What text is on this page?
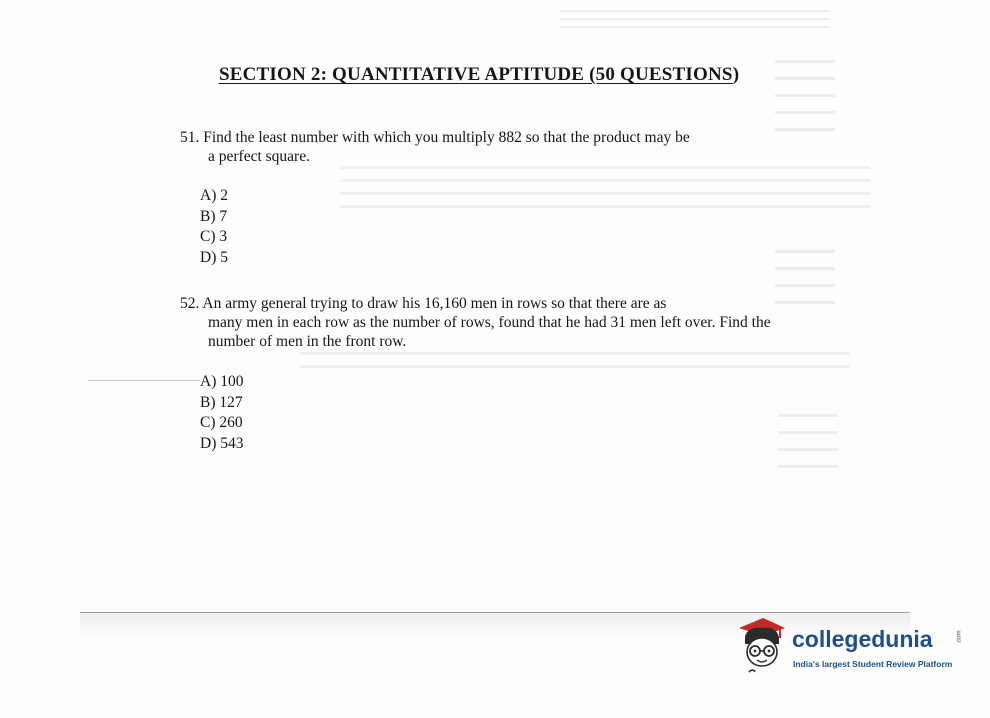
SECTION 2: QUANTITATIVE APTITUDE (50 QUESTIONS)
51. Find the least number with which you multiply 882 so that the product may be
a perfect square.
A) 2
B) 7
C) 3
D) 5
52. An army general trying to draw his 16,160 men in rows so that there are as
many men in each row as the number of rows, found that he had 31 men left over. Find the
number of men in the front row.
A) 100
B) 127
C) 260
D) 543
collegedunia	.com
India's largest Student Review Platform
